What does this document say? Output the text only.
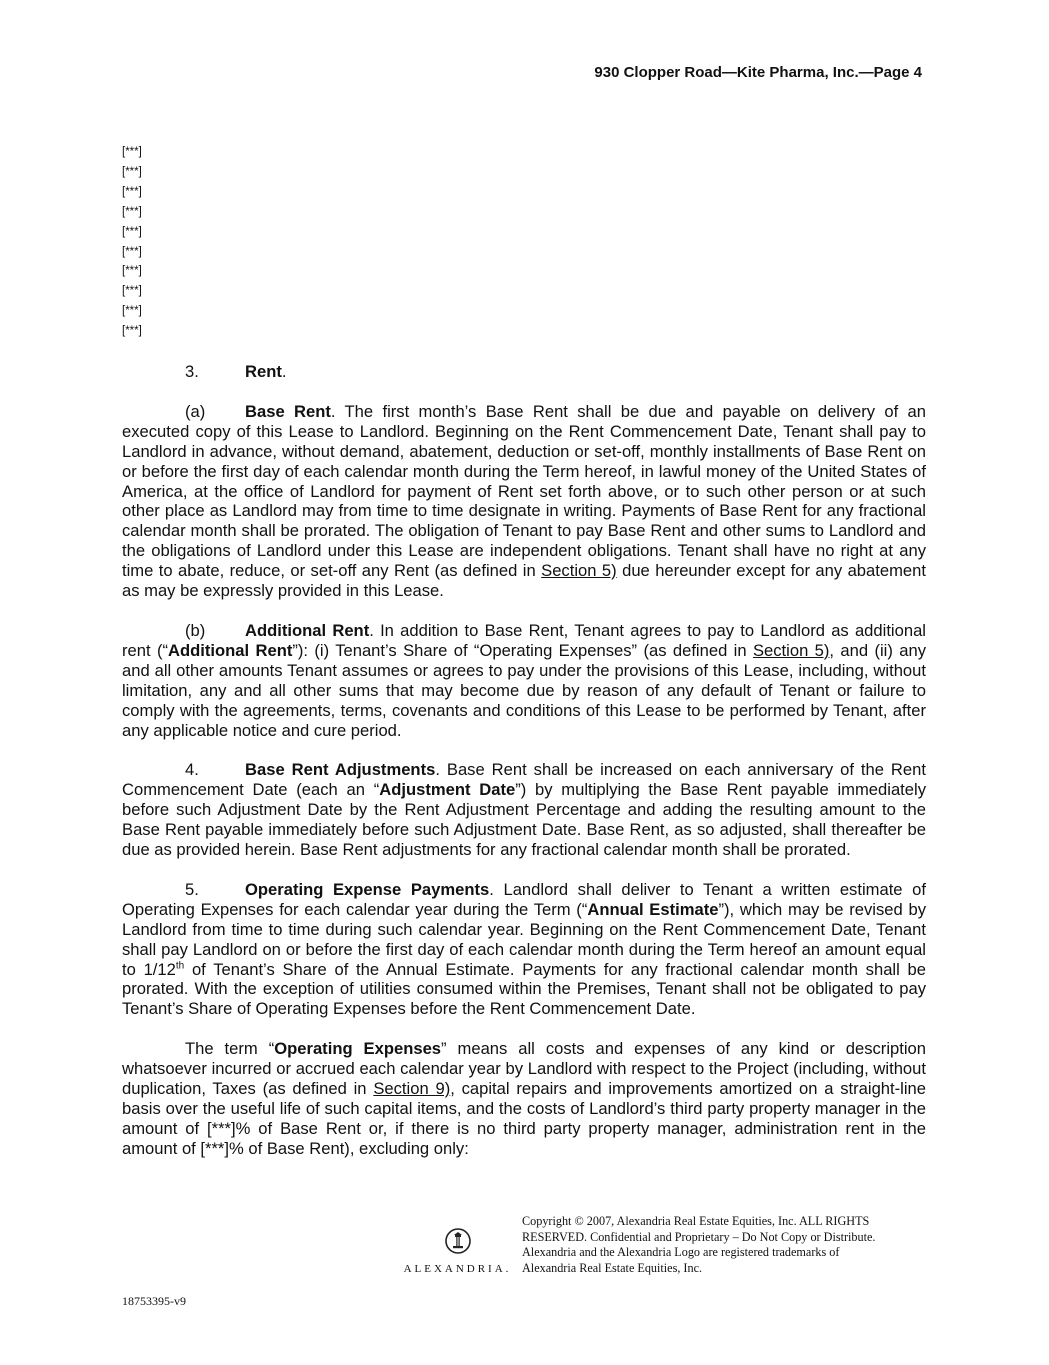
930 Clopper Road—Kite Pharma, Inc.—Page 4
[***]
[***]
[***]
[***]
[***]
[***]
[***]
[***]
[***]
[***]
3.	Rent.

(a) Base Rent. The first month’s Base Rent shall be due and payable on delivery of an executed copy of this Lease to Landlord. Beginning on the Rent Commencement Date, Tenant shall pay to Landlord in advance, without demand, abatement, deduction or set-off, monthly installments of Base Rent on or before the first day of each calendar month during the Term hereof, in lawful money of the United States of America, at the office of Landlord for payment of Rent set forth above, or to such other person or at such other place as Landlord may from time to time designate in writing. Payments of Base Rent for any fractional calendar month shall be prorated. The obligation of Tenant to pay Base Rent and other sums to Landlord and the obligations of Landlord under this Lease are independent obligations. Tenant shall have no right at any time to abate, reduce, or set-off any Rent (as defined in Section 5) due hereunder except for any abatement as may be expressly provided in this Lease.

(b) Additional Rent. In addition to Base Rent, Tenant agrees to pay to Landlord as additional rent (“Additional Rent”): (i) Tenant’s Share of “Operating Expenses” (as defined in Section 5), and (ii) any and all other amounts Tenant assumes or agrees to pay under the provisions of this Lease, including, without limitation, any and all other sums that may become due by reason of any default of Tenant or failure to comply with the agreements, terms, covenants and conditions of this Lease to be performed by Tenant, after any applicable notice and cure period.

4.	Base Rent Adjustments. Base Rent shall be increased on each anniversary of the Rent Commencement Date (each an “Adjustment Date”) by multiplying the Base Rent payable immediately before such Adjustment Date by the Rent Adjustment Percentage and adding the resulting amount to the Base Rent payable immediately before such Adjustment Date. Base Rent, as so adjusted, shall thereafter be due as provided herein. Base Rent adjustments for any fractional calendar month shall be prorated.

5.	Operating Expense Payments. Landlord shall deliver to Tenant a written estimate of Operating Expenses for each calendar year during the Term (“Annual Estimate”), which may be revised by Landlord from time to time during such calendar year. Beginning on the Rent Commencement Date, Tenant shall pay Landlord on or before the first day of each calendar month during the Term hereof an amount equal to 1/12th of Tenant’s Share of the Annual Estimate. Payments for any fractional calendar month shall be prorated. With the exception of utilities consumed within the Premises, Tenant shall not be obligated to pay Tenant’s Share of Operating Expenses before the Rent Commencement Date.

The term “Operating Expenses” means all costs and expenses of any kind or description whatsoever incurred or accrued each calendar year by Landlord with respect to the Project (including, without duplication, Taxes (as defined in Section 9), capital repairs and improvements amortized on a straight-line basis over the useful life of such capital items, and the costs of Landlord’s third party property manager in the amount of [***]% of Base Rent or, if there is no third party property manager, administration rent in the amount of [***]% of Base Rent), excluding only:

ALEXANDRIA.
Copyright © 2007, Alexandria Real Estate Equities, Inc. ALL RIGHTS RESERVED. Confidential and Proprietary – Do Not Copy or Distribute. Alexandria and the Alexandria Logo are registered trademarks of Alexandria Real Estate Equities, Inc.
18753395-v9
